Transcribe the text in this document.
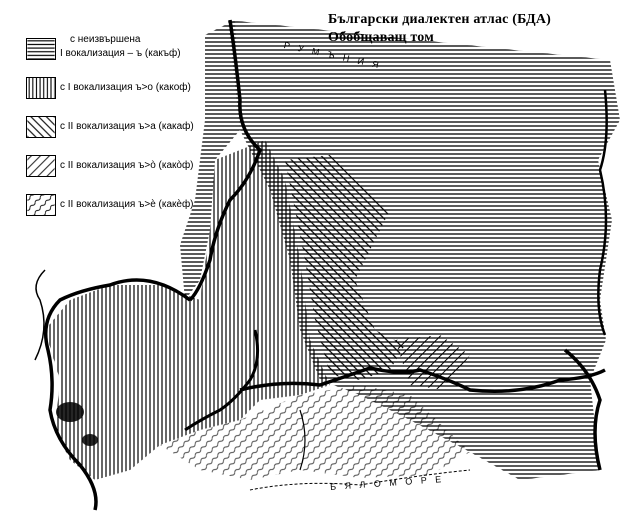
Български диалектен атлас (БДА)
Обобщаващ том
с неизвършена
I вокализация – ъ (какъф)
с I вокализация ъ>о (какоф)
с II вокализация ъ>а (какаф)
с II вокализация ъ>ò (какòф)
с II вокализация ъ>ѐ (какѐф)
Р У М Ъ Н И Я
Б Я Л О М О Р Е
